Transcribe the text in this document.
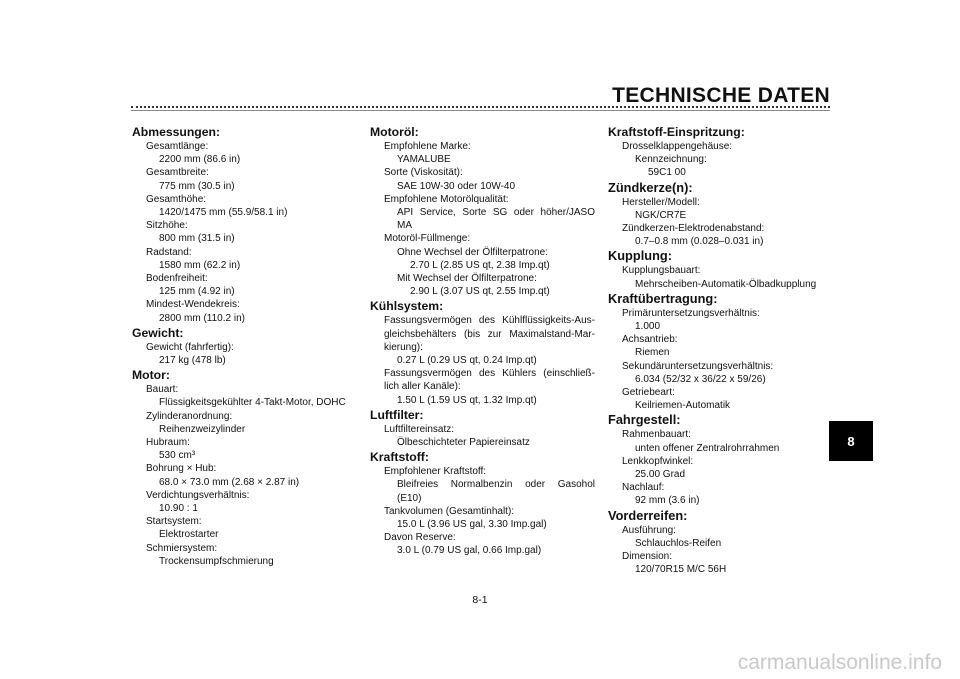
TECHNISCHE DATEN
Abmessungen:
Gesamtlänge:
2200 mm (86.6 in)
Gesamtbreite:
775 mm (30.5 in)
Gesamthöhe:
1420/1475 mm (55.9/58.1 in)
Sitzhöhe:
800 mm (31.5 in)
Radstand:
1580 mm (62.2 in)
Bodenfreiheit:
125 mm (4.92 in)
Mindest-Wendekreis:
2800 mm (110.2 in)
Gewicht:
Gewicht (fahrfertig):
217 kg (478 lb)
Motor:
Bauart:
Flüssigkeitsgekühlter 4-Takt-Motor, DOHC
Zylinderanordnung:
Reihenzweizylinder
Hubraum:
530 cm³
Bohrung × Hub:
68.0 × 73.0 mm (2.68 × 2.87 in)
Verdichtungsverhältnis:
10.90 : 1
Startsystem:
Elektrostarter
Schmiersystem:
Trockensumpfschmierung
Motoröl:
Empfohlene Marke:
YAMALUBE
Sorte (Viskosität):
SAE 10W-30 oder 10W-40
Empfohlene Motorölqualität:
API Service, Sorte SG oder höher/JASO
MA
Motoröl-Füllmenge:
Ohne Wechsel der Ölfilterpatrone:
2.70 L (2.85 US qt, 2.38 Imp.qt)
Mit Wechsel der Ölfilterpatrone:
2.90 L (3.07 US qt, 2.55 Imp.qt)
Kühlsystem:
Fassungsvermögen des Kühlflüssigkeits-Aus-
gleichsbehälters (bis zur Maximalstand-Mar-
kierung):
0.27 L (0.29 US qt, 0.24 Imp.qt)
Fassungsvermögen des Kühlers (einschließ-
lich aller Kanäle):
1.50 L (1.59 US qt, 1.32 Imp.qt)
Luftfilter:
Luftfiltereinsatz:
Ölbeschichteter Papiereinsatz
Kraftstoff:
Empfohlener Kraftstoff:
Bleifreies Normalbenzin oder Gasohol
(E10)
Tankvolumen (Gesamtinhalt):
15.0 L (3.96 US gal, 3.30 Imp.gal)
Davon Reserve:
3.0 L (0.79 US gal, 0.66 Imp.gal)
Kraftstoff-Einspritzung:
Drosselklappengehäuse:
Kennzeichnung:
59C1 00
Zündkerze(n):
Hersteller/Modell:
NGK/CR7E
Zündkerzen-Elektrodenabstand:
0.7–0.8 mm (0.028–0.031 in)
Kupplung:
Kupplungsbauart:
Mehrscheiben-Automatik-Ölbadkupplung
Kraftübertragung:
Primäruntersetzungsverhältnis:
1.000
Achsantrieb:
Riemen
Sekundäruntersetzungsverhältnis:
6.034 (52/32 x 36/22 x 59/26)
Getriebeart:
Keilriemen-Automatik
Fahrgestell:
Rahmenbauart:
unten offener Zentralrohrrahmen
Lenkkopfwinkel:
25.00 Grad
Nachlauf:
92 mm (3.6 in)
Vorderreifen:
Ausführung:
Schlauchlos-Reifen
Dimension:
120/70R15 M/C 56H
8
8-1
carmanualsonline.info
